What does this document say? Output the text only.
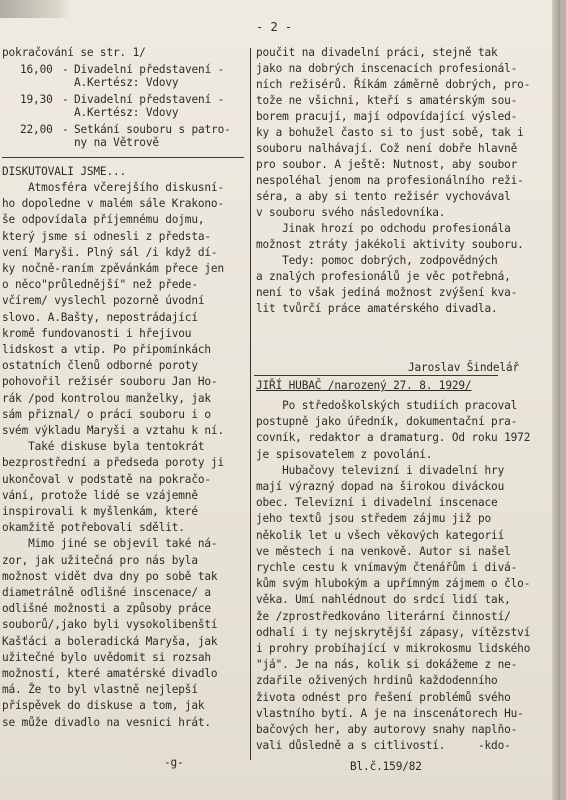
- 2 -
pokračování se str. 1/
16,00 - Divadelní představení -
A.Kertész: Vdovy
19,30 - Divadelní představení -
A.Kertész: Vdovy
22,00 - Setkání souboru s patro-
ny na Větrově
DISKUTOVALI JSME...
Atmosféra včerejšího diskusní-
ho dopoledne v malém sále Krakono-
še odpovídala příjemnému dojmu,
který jsme si odnesli z předsta-
vení Maryši. Plný sál /i když dí-
ky nočně-raním zpěvánkám přece jen
o něco"průlednější" než přede-
včírem/ vyslechl pozorně úvodní
slovo. A.Bašty, nepostrádající
kromě fundovanosti i hřejivou
lidskost a vtip. Po připomínkách
ostatních členů odborné poroty
pohovořil režisér souboru Jan Ho-
rák /pod kontrolou manželky, jak
sám přiznal/ o práci souboru i o
svém výkladu Maryši a vztahu k ní.
Také diskuse byla tentokrát
bezprostřední a předseda poroty ji
ukončoval v podstatě na pokračo-
vání, protože lidé se vzájemně
inspirovali k myšlenkám, které
okamžitě potřebovali sdělit.
Mimo jiné se objevil také ná-
zor, jak užitečná pro nás byla
možnost vidět dva dny po sobě tak
diametrálně odlišné inscenace/ a
odlišné možnosti a způsoby práce
souborů/,jako byli vysokolibenští
Kašťáci a boleradická Maryša, jak
užitečné bylo uvědomit si rozsah
možností, které amatérské divadlo
má. Že to byl vlastně nejlepší
příspěvek do diskuse a tom, jak
se může divadlo na vesnici hrát.
-g-
poučit na divadelní práci, stejně tak
jako na dobrých inscenacích profesionál-
ních režisérů. Říkám záměrně dobrých, pro-
tože ne všichni, kteří s amatérským sou-
borem pracují, mají odpovídající výsled-
ky a bohužel často si to just sobě, tak i
souboru nalhávají. Což není dobře hlavně
pro soubor. A ještě: Nutnost, aby soubor
nespoléhal jenom na profesionálního reži-
séra, a aby si tento režisér vychovával
v souboru svého následovníka.
Jinak hrozí po odchodu profesionála
možnost ztráty jakékoli aktivity souboru.
Tedy: pomoc dobrých, zodpovědných
a znalých profesionálů je věc potřebná,
není to však jediná možnost zvýšení kva-
lit tvůrčí práce amatérského divadla.
Jaroslav Šindelář
JIŘÍ HUBAČ /narozený 27. 8. 1929/
Po středoškolských studiích pracoval
postupně jako úředník, dokumentační pra-
covník, redaktor a dramaturg. Od roku 1972
je spisovatelem z povolání.
Hubačovy televizní i divadelní hry
mají výrazný dopad na širokou diváckou
obec. Televizní i divadelní inscenace
jeho textů jsou středem zájmu již po
několik let u všech věkových kategorií
ve městech i na venkově. Autor si našel
rychle cestu k vnímavým čtenářům i divá-
kům svým hlubokým a upřímným zájmem o člo-
věka. Umí nahlédnout do srdcí lidí tak,
že /zprostředkováno literární činností/
odhalí i ty nejskrytější zápasy, vítězství
i prohry probíhající v mikrokosmu lidského
"já". Je na nás, kolik si dokážeme z ne-
zdařile oživených hrdinů každodenního
života odnést pro řešení problémů svého
vlastního bytí. A je na inscenátorech Hu-
bačových her, aby autorovy snahy naplňo-
vali důsledně a s citlivostí.     -kdo-
Bl.č.159/82
